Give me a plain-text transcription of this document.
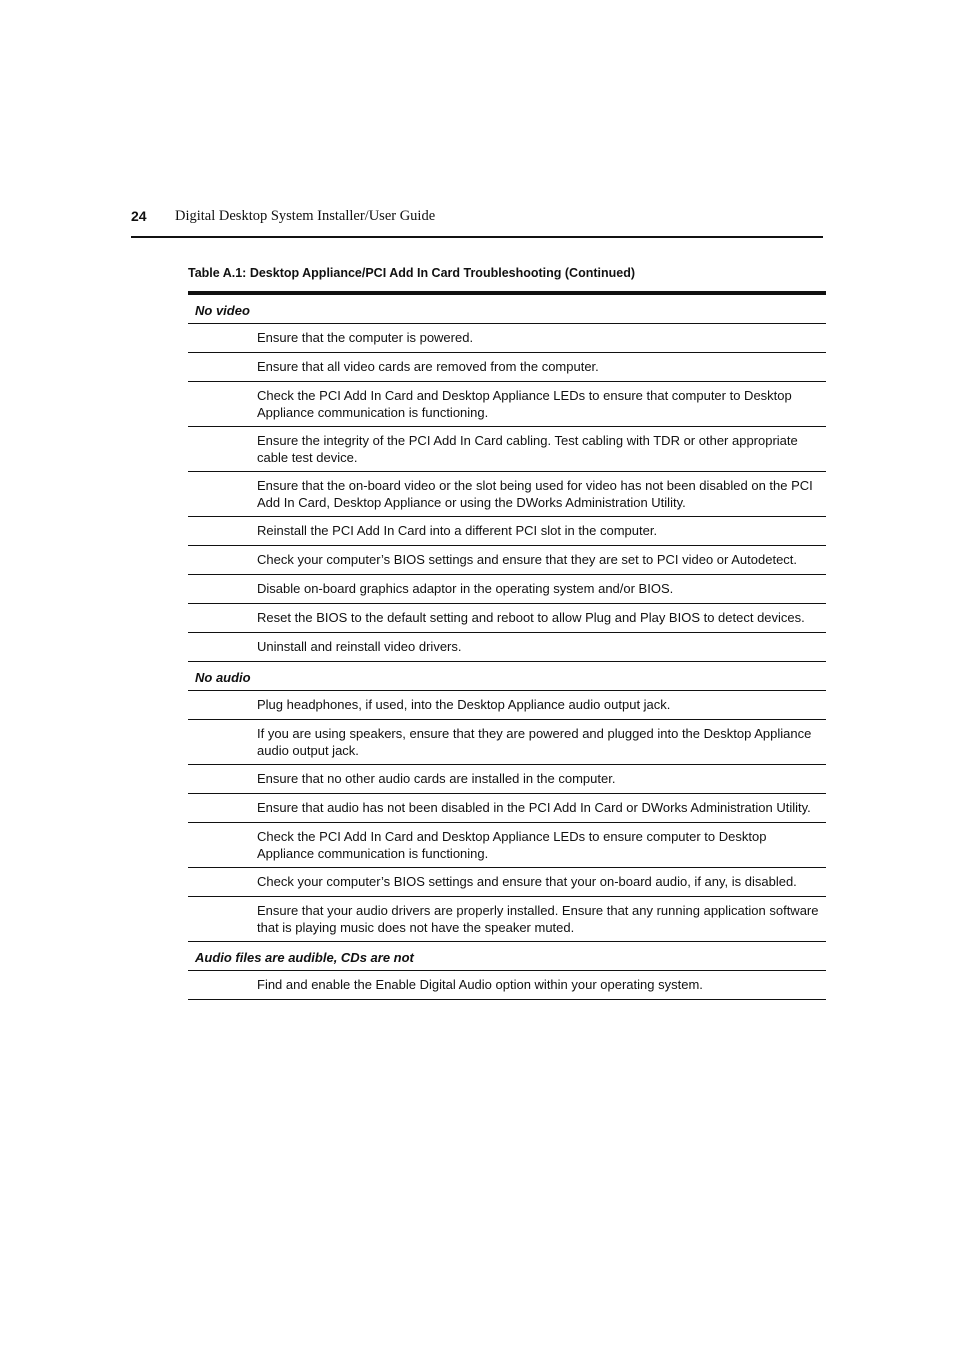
24 Digital Desktop System Installer/User Guide
Table A.1: Desktop Appliance/PCI Add In Card Troubleshooting (Continued)
No video
Ensure that the computer is powered.
Ensure that all video cards are removed from the computer.
Check the PCI Add In Card and Desktop Appliance LEDs to ensure that computer to Desktop Appliance communication is functioning.
Ensure the integrity of the PCI Add In Card cabling. Test cabling with TDR or other appropriate cable test device.
Ensure that the on-board video or the slot being used for video has not been disabled on the PCI Add In Card, Desktop Appliance or using the DWorks Administration Utility.
Reinstall the PCI Add In Card into a different PCI slot in the computer.
Check your computer’s BIOS settings and ensure that they are set to PCI video or Autodetect.
Disable on-board graphics adaptor in the operating system and/or BIOS.
Reset the BIOS to the default setting and reboot to allow Plug and Play BIOS to detect devices.
Uninstall and reinstall video drivers.
No audio
Plug headphones, if used, into the Desktop Appliance audio output jack.
If you are using speakers, ensure that they are powered and plugged into the Desktop Appliance audio output jack.
Ensure that no other audio cards are installed in the computer.
Ensure that audio has not been disabled in the PCI Add In Card or DWorks Administration Utility.
Check the PCI Add In Card and Desktop Appliance LEDs to ensure computer to Desktop Appliance communication is functioning.
Check your computer’s BIOS settings and ensure that your on-board audio, if any, is disabled.
Ensure that your audio drivers are properly installed. Ensure that any running application software that is playing music does not have the speaker muted.
Audio files are audible, CDs are not
Find and enable the Enable Digital Audio option within your operating system.
